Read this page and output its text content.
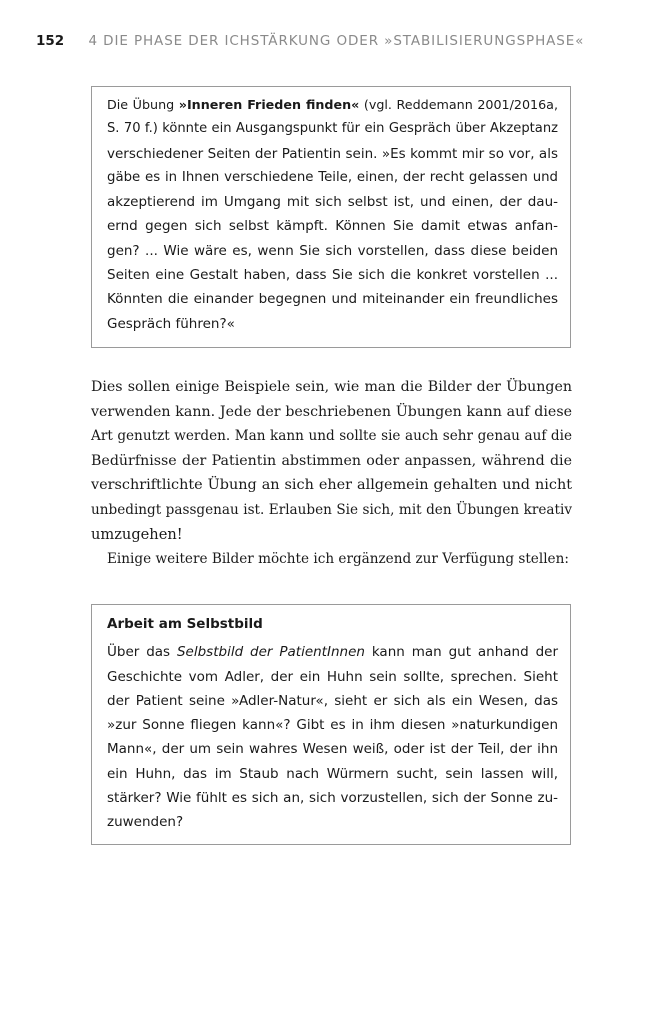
152 4 DIE PHASE DER ICHSTÄRKUNG ODER »STABILISIERUNGSPHASE«
Die Übung »Inneren Frieden finden« (vgl. Reddemann 2001/2016a,
S. 70 f.) könnte ein Ausgangspunkt für ein Gespräch über Akzeptanz
verschiedener Seiten der Patientin sein. »Es kommt mir so vor, als
gäbe es in Ihnen verschiedene Teile, einen, der recht gelassen und
akzeptierend im Umgang mit sich selbst ist, und einen, der dau-
ernd gegen sich selbst kämpft. Können Sie damit etwas anfan-
gen? ... Wie wäre es, wenn Sie sich vorstellen, dass diese beiden
Seiten eine Gestalt haben, dass Sie sich die konkret vorstellen ...
Könnten die einander begegnen und miteinander ein freundliches
Gespräch führen?«
Dies sollen einige Beispiele sein, wie man die Bilder der Übungen
verwenden kann. Jede der beschriebenen Übungen kann auf diese
Art genutzt werden. Man kann und sollte sie auch sehr genau auf die
Bedürfnisse der Patientin abstimmen oder anpassen, während die
verschriftlichte Übung an sich eher allgemein gehalten und nicht
unbedingt passgenau ist. Erlauben Sie sich, mit den Übungen kreativ
umzugehen!
Einige weitere Bilder möchte ich ergänzend zur Verfügung stellen:
Arbeit am Selbstbild
Über das Selbstbild der PatientInnen kann man gut anhand der
Geschichte vom Adler, der ein Huhn sein sollte, sprechen. Sieht
der Patient seine »Adler-Natur«, sieht er sich als ein Wesen, das
»zur Sonne fliegen kann«? Gibt es in ihm diesen »naturkundigen
Mann«, der um sein wahres Wesen weiß, oder ist der Teil, der ihn
ein Huhn, das im Staub nach Würmern sucht, sein lassen will,
stärker? Wie fühlt es sich an, sich vorzustellen, sich der Sonne zu-
zuwenden?
